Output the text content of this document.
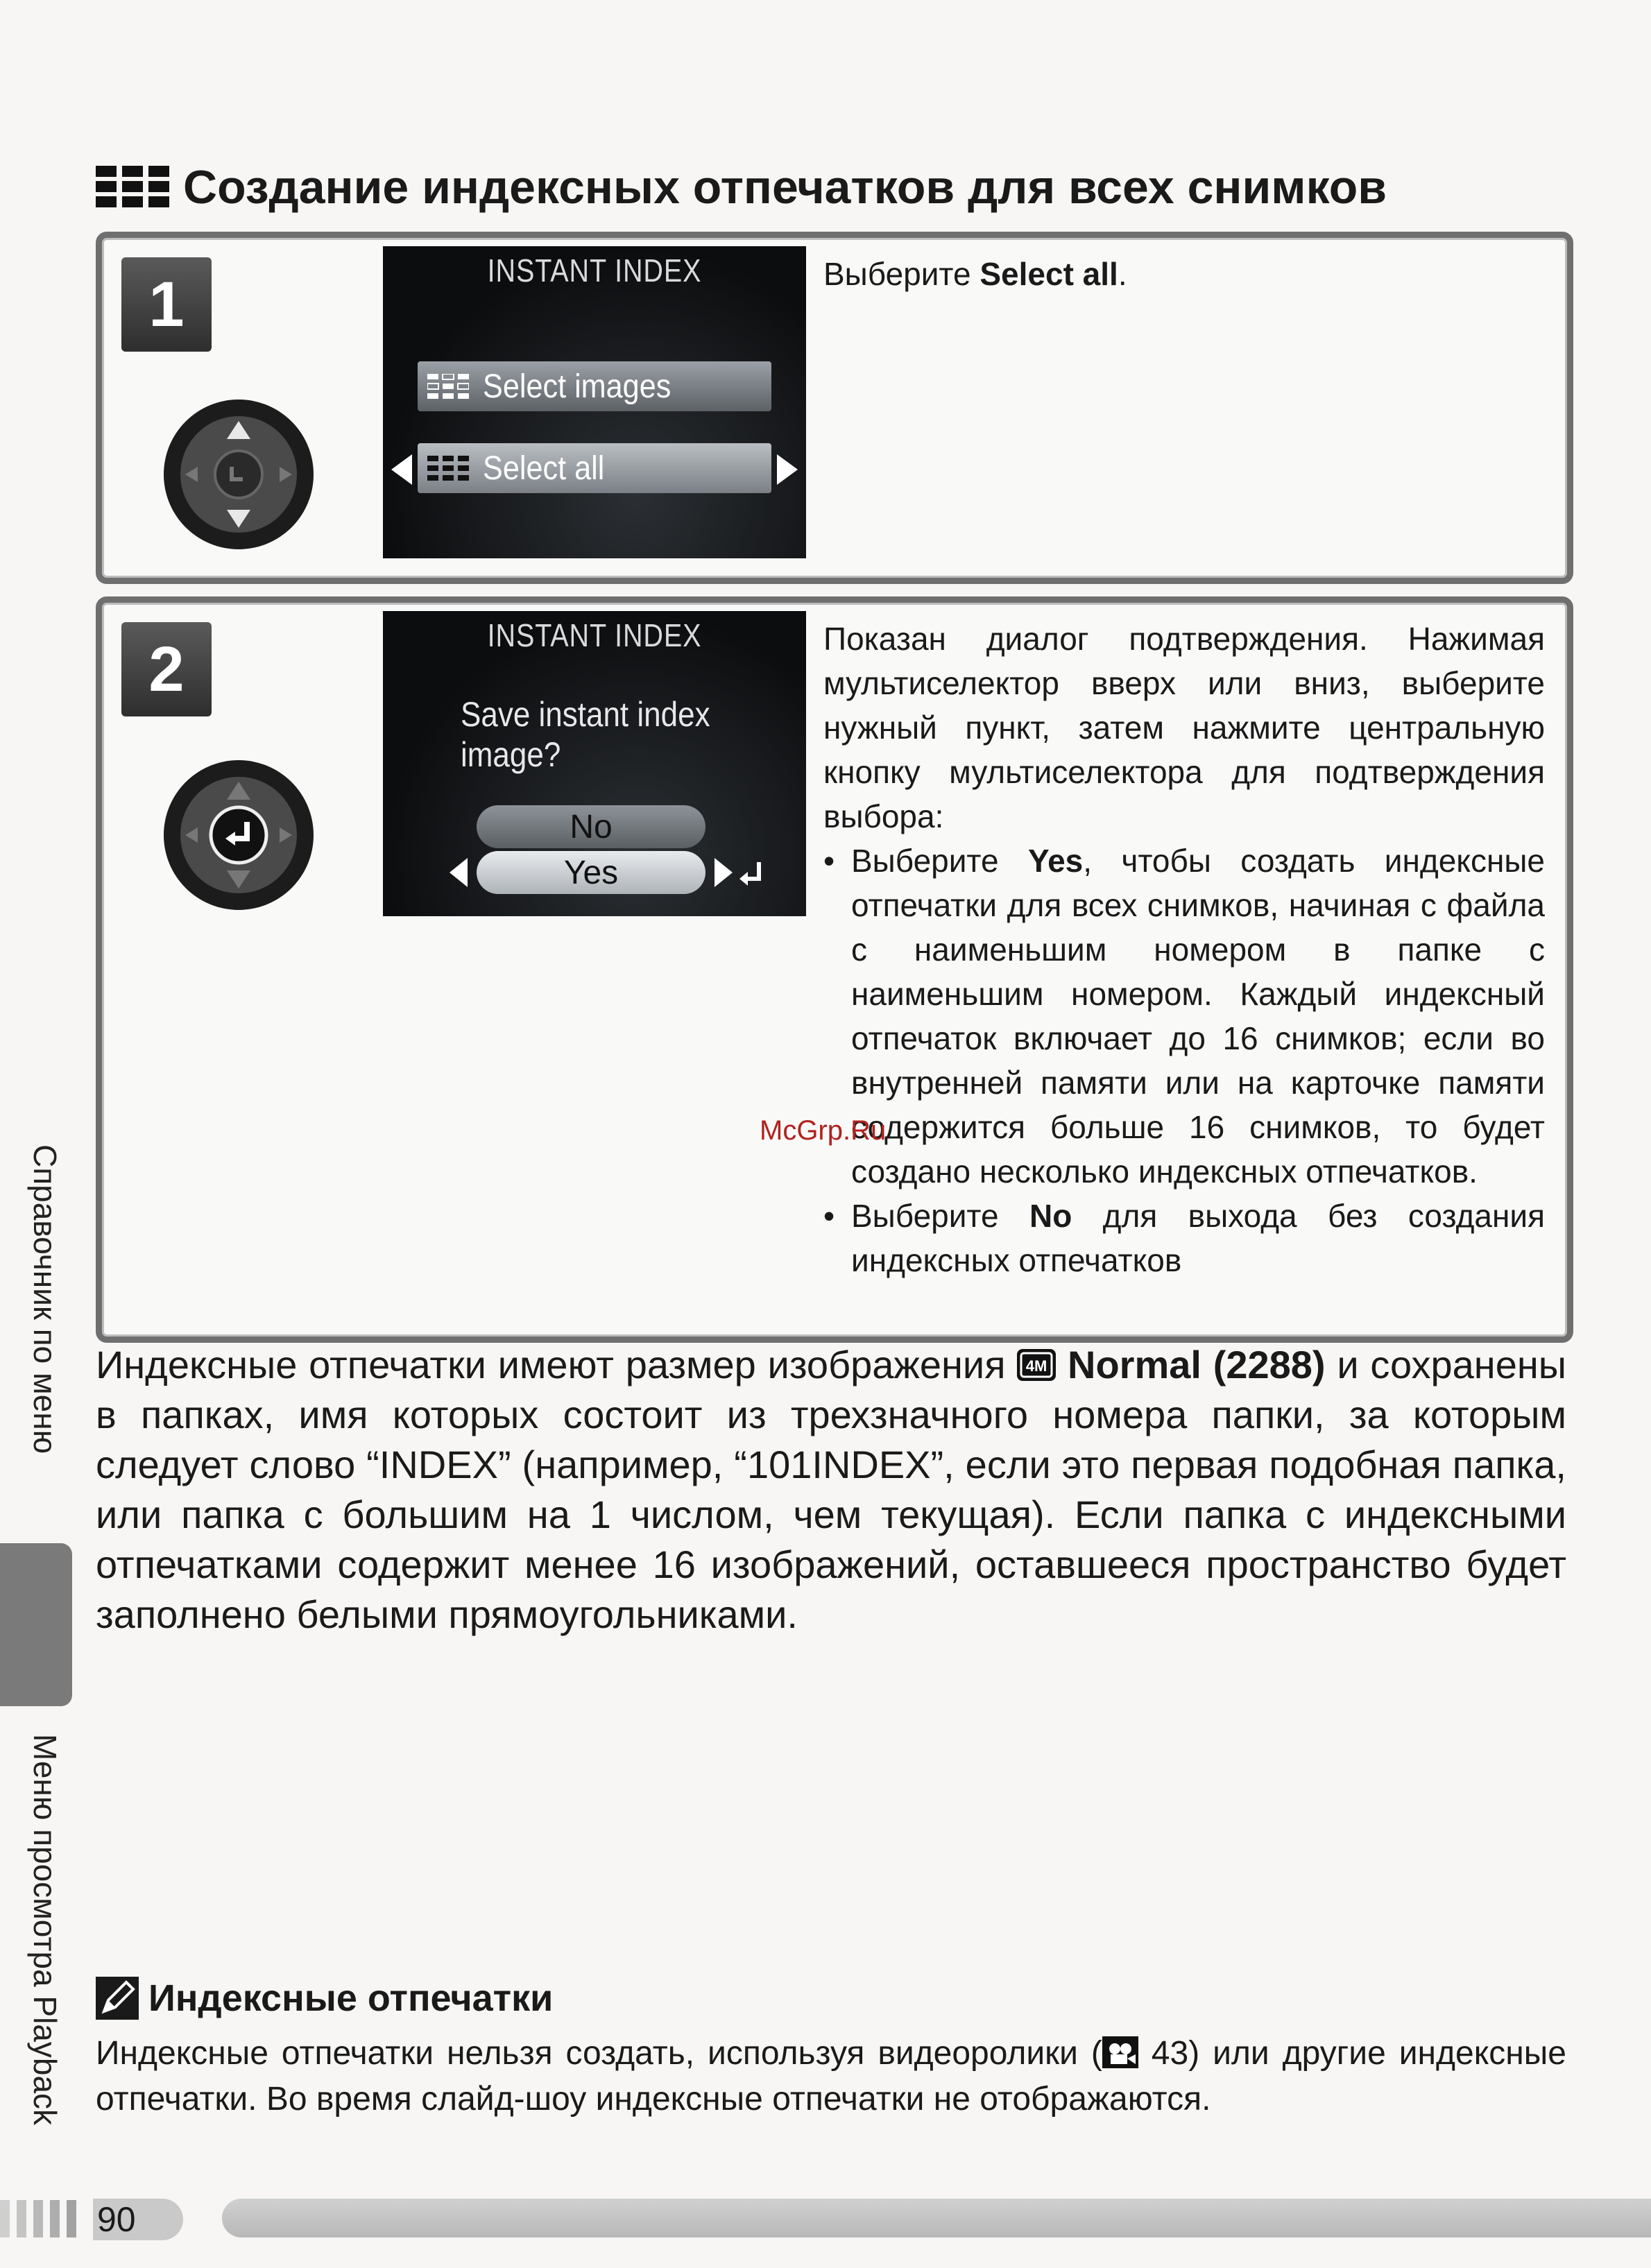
Создание индексных отпечатков для всех снимков
1	INSTANT INDEX
Select images
Select all
Выберите Select all.
2	INSTANT INDEX
Save instant index
image?
No
Yes
Показан диалог подтверждения. Нажимая мультиселектор вверх или вниз, выберите нужный пункт, затем нажмите центральную кнопку мультиселектора для подтверждения выбора:
• Выберите Yes, чтобы создать индексные отпечатки для всех снимков, начиная с файла с наименьшим номером в папке с наименьшим номером. Каждый индексный отпечаток включает до 16 снимков; если во внутренней памяти или на карточке памяти содержится больше 16 снимков, то будет создано несколько индексных отпечатков.
• Выберите No для выхода без создания индексных отпечатков
McGrp.Ru
Индексные отпечатки имеют размер изображения 4M Normal (2288) и сохранены в папках, имя которых состоит из трехзначного номера папки, за которым следует слово “INDEX” (например, “101INDEX”, если это первая подобная папка, или папка с большим на 1 числом, чем текущая). Если папка с индексными отпечатками содержит менее 16 изображений, оставшееся пространство будет заполнено белыми прямоугольниками.
Справочник по меню
Меню просмотра Playback Индексные отпечатки
Индексные отпечатки нельзя создать, используя видеоролики ( 43) или другие индексные отпечатки. Во время слайд-шоу индексные отпечатки не отображаются.
90
